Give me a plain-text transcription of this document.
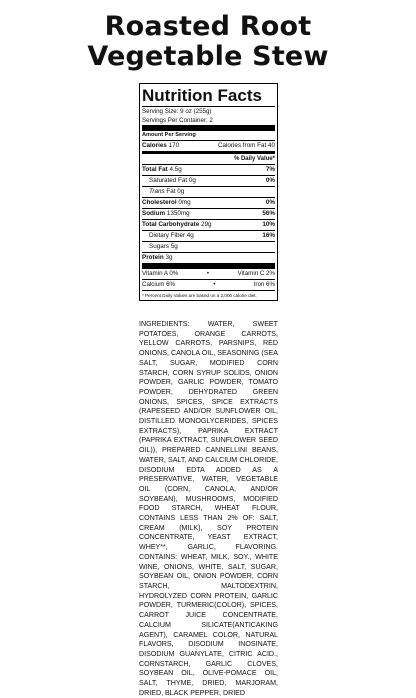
Roasted Root
Vegetable Stew
Nutrition Facts
Serving Size: 9 oz (255g)
Servings Per Container: 2
Amount Per Serving
Calories 170	Calories from Fat 40
% Daily Value*
Total Fat 4.5g	7%
Saturated Fat 0g	0%
Trans Fat 0g
Cholesterol 0mg	0%
Sodium 1350mg	56%
Total Carbohydrate 29g	10%
Dietary Fiber 4g	16%
Sugars 5g
Protein 3g
Vitamin A 0%	•	Vitamin C 2%
Calcium 6%	•	Iron 6%
* Percent Daily Values are based on a 2,000 calorie diet.
INGREDIENTS: WATER, SWEET POTATOES, ORANGE CARROTS, YELLOW CARROTS, PARSNIPS, RED ONIONS, CANOLA OIL, SEASONING (SEA SALT, SUGAR, MODIFIED CORN STARCH, CORN SYRUP SOLIDS, ONION POWDER, GARLIC POWDER, TOMATO POWDER, DEHYDRATED GREEN ONIONS, SPICES, SPICE EXTRACTS (RAPESEED AND/OR SUNFLOWER OIL, DISTILLED MONOGLYCERIDES, SPICES EXTRACTS), PAPRIKA EXTRACT (PAPRIKA EXTRACT, SUNFLOWER SEED OIL)), PREPARED CANNELLINI BEANS, WATER, SALT, AND CALCIUM CHLORIDE, DISODIUM EDTA ADDED AS A PRESERVATIVE, WATER, VEGETABLE OIL (CORN, CANOLA, AND/OR SOYBEAN), MUSHROOMS, MODIFIED FOOD STARCH, WHEAT FLOUR, CONTAINS LESS THAN 2% OF: SALT, CREAM (MILK), SOY PROTEIN CONCENTRATE, YEAST EXTRACT, WHEY**, GARLIC, FLAVORING. CONTAINS: WHEAT, MILK, SOY., WHITE WINE, ONIONS, WHITE, SALT, SUGAR, SOYBEAN OIL, ONION POWDER, CORN STARCH, MALTODEXTRIN, HYDROLYZED CORN PROTEIN, GARLIC POWDER, TURMERIC(COLOR), SPICES, CARROT JUICE CONCENTRATE, CALCIUM SILICATE(ANTICAKING AGENT), CARAMEL COLOR, NATURAL FLAVORS, DISODIUM INOSINATE, DISODIUM GUANYLATE, CITRIC ACID., CORNSTARCH, GARLIC CLOVES, SOYBEAN OIL, OLIVE-POMACE OIL, SALT, THYME, DRIED, MARJORAM, DRIED, BLACK PEPPER, DRIED
